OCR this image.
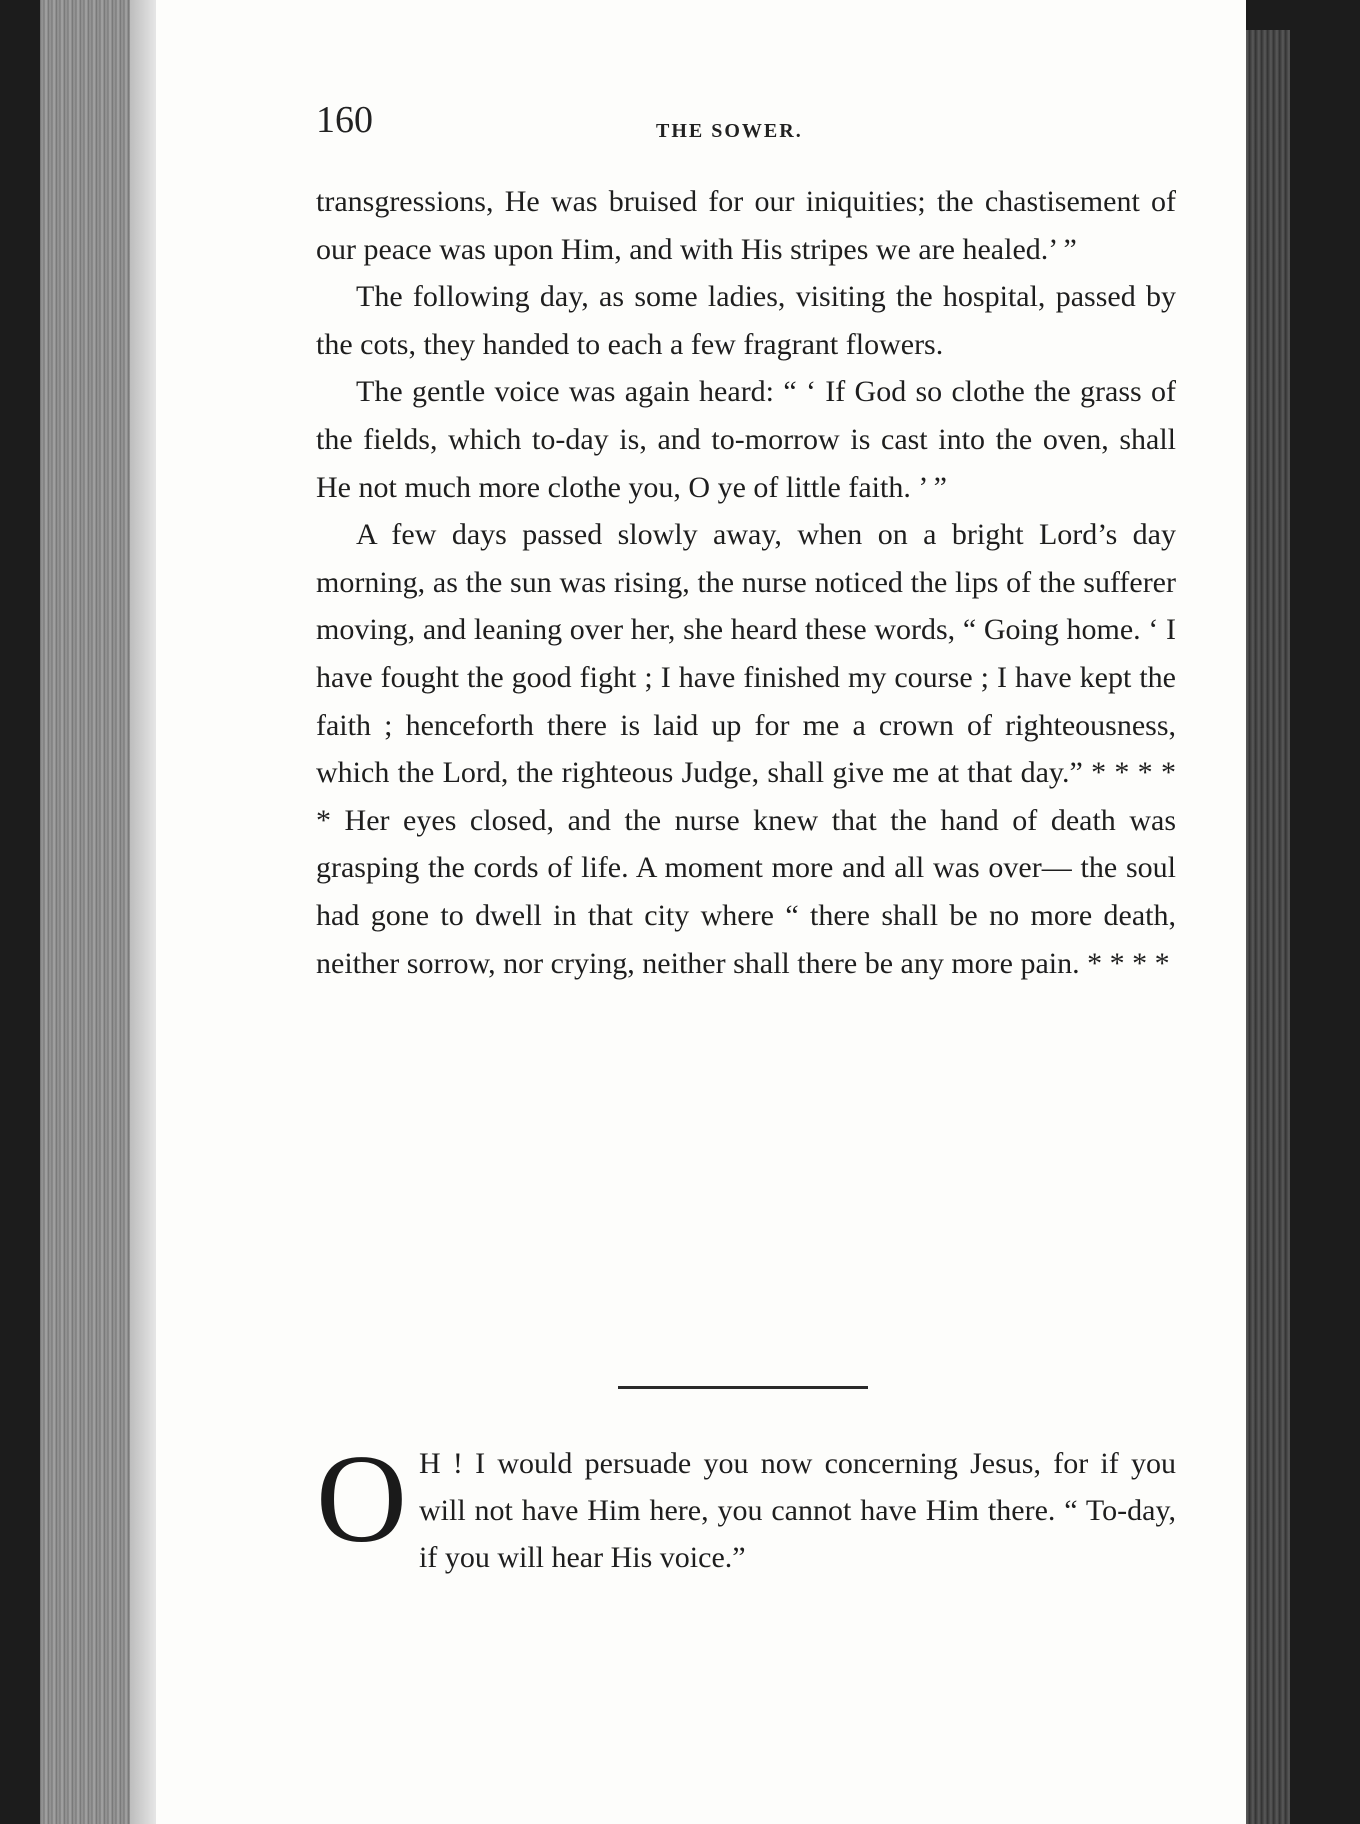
160	THE SOWER.

transgressions, He was bruised for our iniquities; the chastisement of our peace was upon Him, and with His stripes we are healed.’ ”

The following day, as some ladies, visiting the hospital, passed by the cots, they handed to each a few fragrant flowers.

The gentle voice was again heard: “ ‘ If God so clothe the grass of the fields, which to-day is, and to-morrow is cast into the oven, shall He not much more clothe you, O ye of little faith. ’ ”

A few days passed slowly away, when on a bright Lord’s day morning, as the sun was rising, the nurse noticed the lips of the sufferer moving, and leaning over her, she heard these words, “ Going home. ‘ I have fought the good fight ; I have finished my course ; I have kept the faith ; henceforth there is laid up for me a crown of righteousness, which the Lord, the righteous Judge, shall give me at that day.” * * * * * Her eyes closed, and the nurse knew that the hand of death was grasping the cords of life. A moment more and all was over— the soul had gone to dwell in that city where “ there shall be no more death, neither sorrow, nor crying, neither shall there be any more pain. * * * *

O H ! I would persuade you now concerning Jesus, for if you will not have Him here, you cannot have Him there. “ To-day, if you will hear His voice.”
